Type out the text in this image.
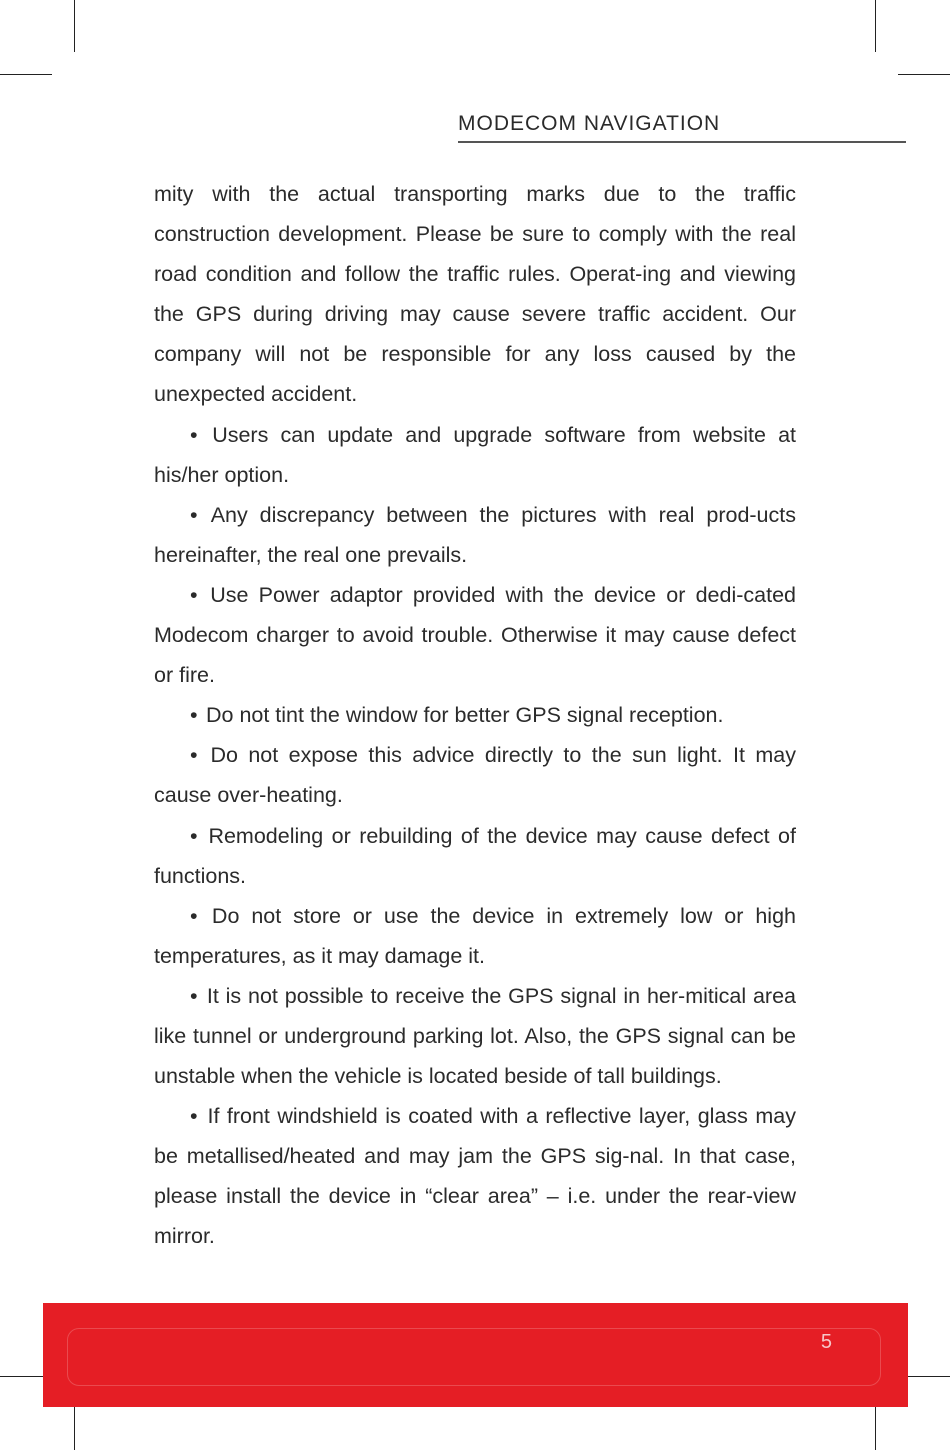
MODECOM NAVIGATION

mity with the actual transporting marks due to the traffic construction development. Please be sure to comply with the real road condition and follow the traffic rules. Operat-ing and viewing the GPS during driving may cause severe traffic accident. Our company will not be responsible for any loss caused by the unexpected accident.

• Users can update and upgrade software from website at his/her option.

• Any discrepancy between the pictures with real prod-ucts hereinafter, the real one prevails.

• Use Power adaptor provided with the device or dedi-cated Modecom charger to avoid trouble. Otherwise it may cause defect or fire.

• Do not tint the window for better GPS signal reception.

• Do not expose this advice directly to the sun light. It may cause over-heating.

• Remodeling or rebuilding of the device may cause defect of functions.

• Do not store or use the device in extremely low or high temperatures, as it may damage it.

• It is not possible to receive the GPS signal in her-mitical area like tunnel or underground parking lot. Also, the GPS signal can be unstable when the vehicle is located beside of tall buildings.

• If front windshield is coated with a reflective layer, glass may be metallised/heated and may jam the GPS sig-nal. In that case, please install the device in “clear area” – i.e. under the rear-view mirror.

5
